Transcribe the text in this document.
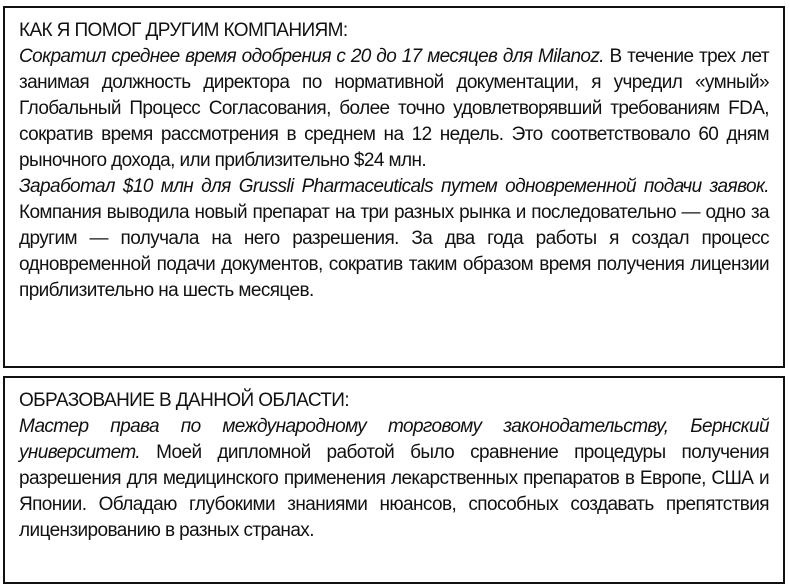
КАК Я ПОМОГ ДРУГИМ КОМПАНИЯМ:

Сократил среднее время одобрения с 20 до 17 месяцев для Milanoz. В течение трех лет занимая должность директора по нормативной документации, я учредил «умный» Глобальный Процесс Согласования, более точно удовлетворявший требованиям FDA, сократив время рассмотрения в среднем на 12 недель. Это соответствовало 60 дням рыночного дохода, или приблизительно $24 млн.

Заработал $10 млн для Grussli Pharmaceuticals путем одновременной подачи заявок. Компания выводила новый препарат на три разных рынка и последовательно — одно за другим — получала на него разрешения. За два года работы я создал процесс одновременной подачи документов, сократив таким образом время получения лицензии приблизительно на шесть месяцев.

ОБРАЗОВАНИЕ В ДАННОЙ ОБЛАСТИ:

Мастер права по международному торговому законодательству, Бернский университет. Моей дипломной работой было сравнение процедуры получения разрешения для медицинского применения лекарственных препаратов в Европе, США и Японии. Обладаю глубокими знаниями нюансов, способных создавать препятствия лицензированию в разных странах.
